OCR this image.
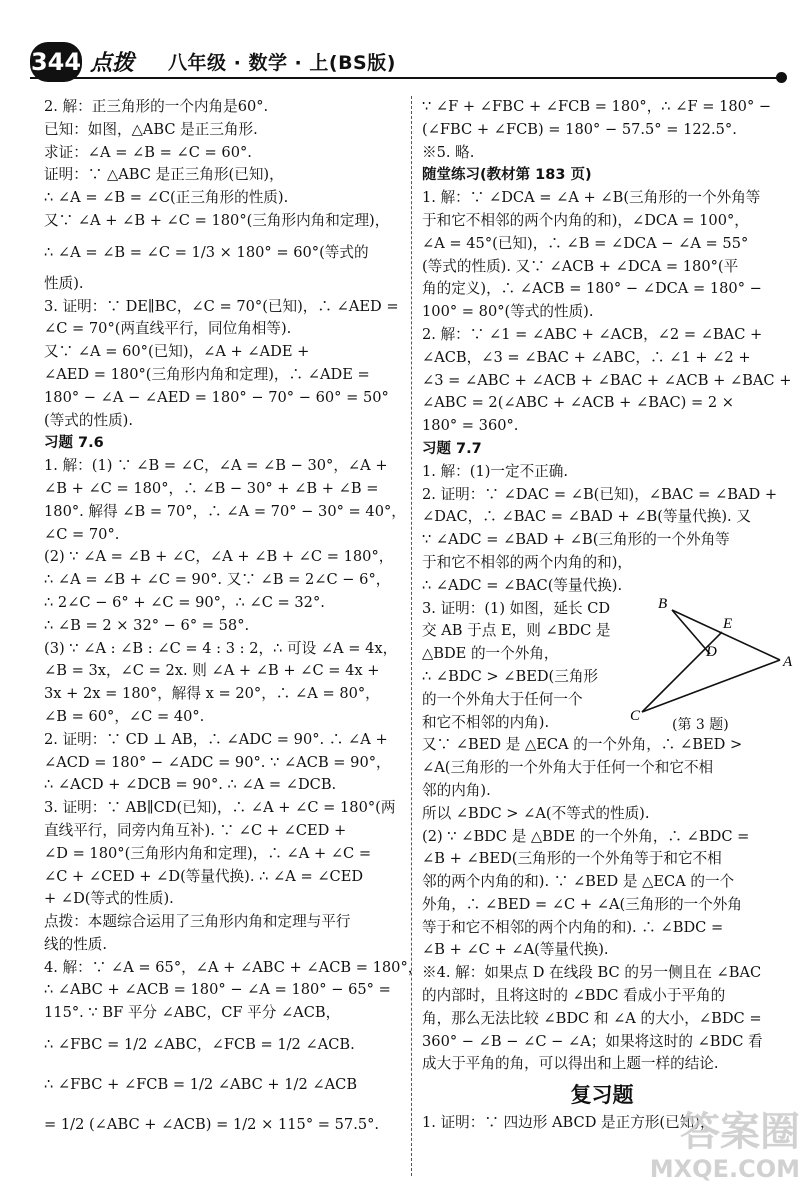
344 点拨 八年级 · 数学 · 上(BS版)
2. 解：正三角形的一个内角是60°.
已知：如图，△ABC 是正三角形.
求证：∠A = ∠B = ∠C = 60°.
证明：∵ △ABC 是正三角形(已知)，
∴ ∠A = ∠B = ∠C(正三角形的性质).
又∵ ∠A + ∠B + ∠C = 180°(三角形内角和定理)，
∴ ∠A = ∠B = ∠C = 1/3 × 180° = 60°(等式的
性质).
3. 证明：∵ DE∥BC，∠C = 70°(已知)，∴ ∠AED =
∠C = 70°(两直线平行，同位角相等).
又∵ ∠A = 60°(已知)，∠A + ∠ADE +
∠AED = 180°(三角形内角和定理)，∴ ∠ADE =
180° − ∠A − ∠AED = 180° − 70° − 60° = 50°
(等式的性质).
习题 7.6
1. 解：(1) ∵ ∠B = ∠C，∠A = ∠B − 30°，∠A +
∠B + ∠C = 180°，∴ ∠B − 30° + ∠B + ∠B =
180°. 解得 ∠B = 70°，∴ ∠A = 70° − 30° = 40°，
∠C = 70°.
(2) ∵ ∠A = ∠B + ∠C，∠A + ∠B + ∠C = 180°，
∴ ∠A = ∠B + ∠C = 90°. 又∵ ∠B = 2∠C − 6°，
∴ 2∠C − 6° + ∠C = 90°，∴ ∠C = 32°.
∴ ∠B = 2 × 32° − 6° = 58°.
(3) ∵ ∠A : ∠B : ∠C = 4 : 3 : 2，∴ 可设 ∠A = 4x，
∠B = 3x，∠C = 2x. 则 ∠A + ∠B + ∠C = 4x +
3x + 2x = 180°，解得 x = 20°，∴ ∠A = 80°，
∠B = 60°，∠C = 40°.
2. 证明：∵ CD ⊥ AB，∴ ∠ADC = 90°. ∴ ∠A +
∠ACD = 180° − ∠ADC = 90°. ∵ ∠ACB = 90°，
∴ ∠ACD + ∠DCB = 90°. ∴ ∠A = ∠DCB.
3. 证明：∵ AB∥CD(已知)，∴ ∠A + ∠C = 180°(两
直线平行，同旁内角互补). ∵ ∠C + ∠CED +
∠D = 180°(三角形内角和定理)，∴ ∠A + ∠C =
∠C + ∠CED + ∠D(等量代换). ∴ ∠A = ∠CED
+ ∠D(等式的性质).
点拨：本题综合运用了三角形内角和定理与平行
线的性质.
4. 解：∵ ∠A = 65°，∠A + ∠ABC + ∠ACB = 180°，
∴ ∠ABC + ∠ACB = 180° − ∠A = 180° − 65° =
115°. ∵ BF 平分 ∠ABC，CF 平分 ∠ACB，
∴ ∠FBC = 1/2 ∠ABC，∠FCB = 1/2 ∠ACB.
∴ ∠FBC + ∠FCB = 1/2 ∠ABC + 1/2 ∠ACB
= 1/2 (∠ABC + ∠ACB) = 1/2 × 115° = 57.5°.
∵ ∠F + ∠FBC + ∠FCB = 180°，∴ ∠F = 180° −
(∠FBC + ∠FCB) = 180° − 57.5° = 122.5°.
※5. 略.
随堂练习(教材第 183 页)
1. 解：∵ ∠DCA = ∠A + ∠B(三角形的一个外角等
于和它不相邻的两个内角的和)，∠DCA = 100°，
∠A = 45°(已知)，∴ ∠B = ∠DCA − ∠A = 55°
(等式的性质). 又∵ ∠ACB + ∠DCA = 180°(平
角的定义)，∴ ∠ACB = 180° − ∠DCA = 180° −
100° = 80°(等式的性质).
2. 解：∵ ∠1 = ∠ABC + ∠ACB，∠2 = ∠BAC +
∠ACB，∠3 = ∠BAC + ∠ABC，∴ ∠1 + ∠2 +
∠3 = ∠ABC + ∠ACB + ∠BAC + ∠ACB + ∠BAC +
∠ABC = 2(∠ABC + ∠ACB + ∠BAC) = 2 ×
180° = 360°.
习题 7.7
1. 解：(1)一定不正确.
2. 证明：∵ ∠DAC = ∠B(已知)，∠BAC = ∠BAD +
∠DAC，∴ ∠BAC = ∠BAD + ∠B(等量代换). 又
∵ ∠ADC = ∠BAD + ∠B(三角形的一个外角等
于和它不相邻的两个内角的和)，
∴ ∠ADC = ∠BAC(等量代换).
3. 证明：(1) 如图，延长 CD
交 AB 于点 E，则 ∠BDC 是
△BDE 的一个外角，
∴ ∠BDC > ∠BED(三角形
的一个外角大于任何一个
和它不相邻的内角).
B
E
D
A
C
(第 3 题)
又∵ ∠BED 是 △ECA 的一个外角，∴ ∠BED >
∠A(三角形的一个外角大于任何一个和它不相
邻的内角).
所以 ∠BDC > ∠A(不等式的性质).
(2) ∵ ∠BDC 是 △BDE 的一个外角，∴ ∠BDC =
∠B + ∠BED(三角形的一个外角等于和它不相
邻的两个内角的和). ∵ ∠BED 是 △ECA 的一个
外角，∴ ∠BED = ∠C + ∠A(三角形的一个外角
等于和它不相邻的两个内角的和). ∴ ∠BDC =
∠B + ∠C + ∠A(等量代换).
※4. 解：如果点 D 在线段 BC 的另一侧且在 ∠BAC
的内部时，且将这时的 ∠BDC 看成小于平角的
角，那么无法比较 ∠BDC 和 ∠A 的大小，∠BDC =
360° − ∠B − ∠C − ∠A；如果将这时的 ∠BDC 看
成大于平角的角，可以得出和上题一样的结论.
复习题
1. 证明：∵ 四边形 ABCD 是正方形(已知)，
答案圈
MXQE.COM
